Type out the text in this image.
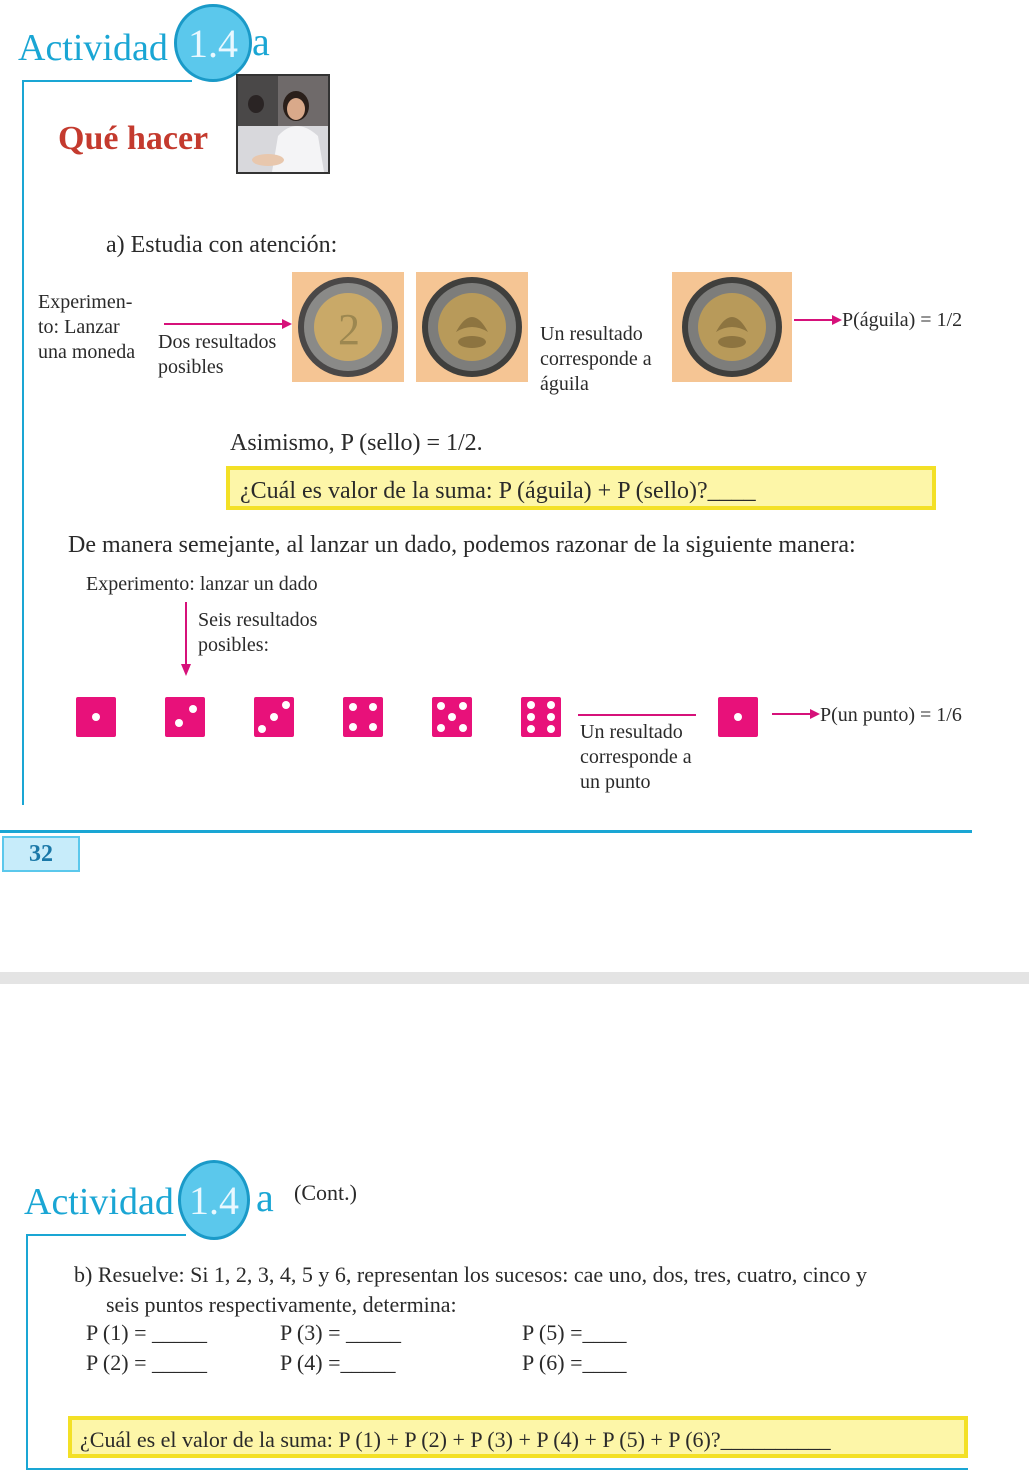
Actividad 1.4 a
Qué hacer
a) Estudia con atención:
Experimen-
to: Lanzar
una moneda Dos resultados
posibles
2	Un resultado
corresponde a
águila
P(águila) = 1/2
Asimismo, P (sello) = 1/2.
¿Cuál es valor de la suma: P (águila) + P (sello)?____
De manera semejante, al lanzar un dado, podemos razonar de la siguiente manera:
Experimento: lanzar un dado
Seis resultados
posibles:
Un resultado
corresponde a
un punto
P(un punto) = 1/6
32
Actividad 1.4 a (Cont.)
b) Resuelve: Si 1, 2, 3, 4, 5 y 6, representan los sucesos: cae uno, dos, tres, cuatro, cinco y
seis puntos respectivamente, determina:
P (1) = _____	P (3) = _____	P (5) =____
P (2) = _____	P (4) =_____	P (6) =____
¿Cuál es el valor de la suma: P (1) + P (2) + P (3) + P (4) + P (5) + P (6)?__________
